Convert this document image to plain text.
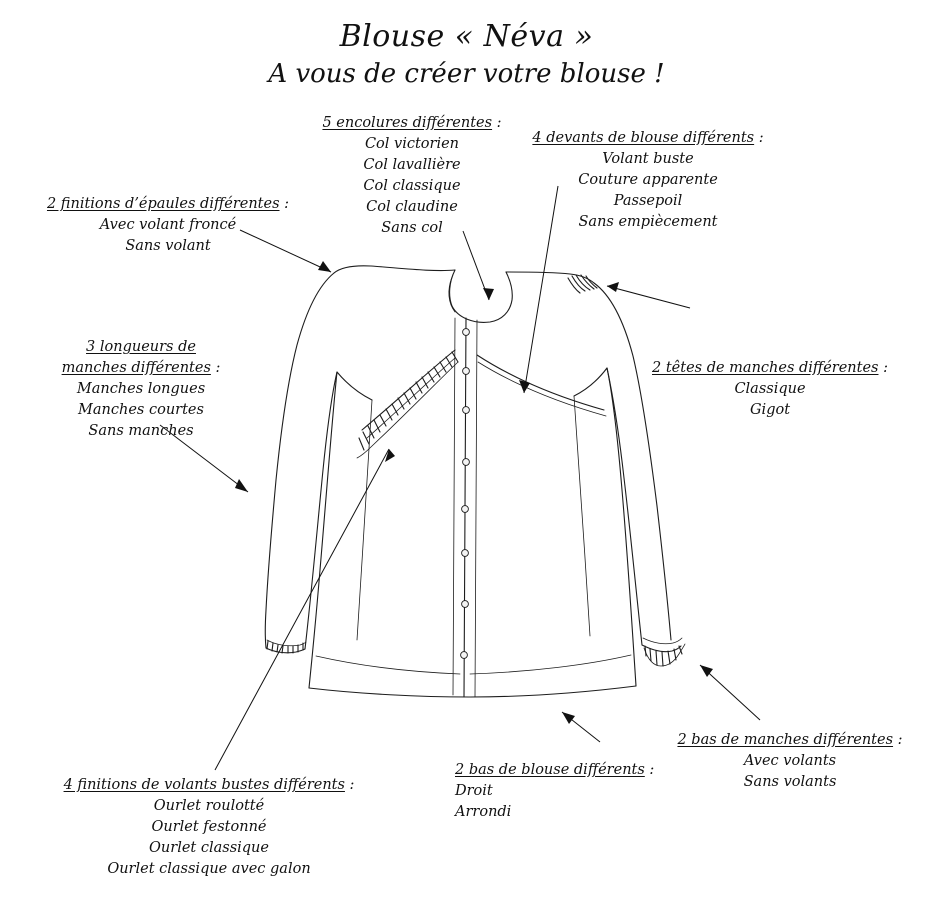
Blouse « Néva »
A vous de créer votre blouse !
5 encolures différentes :
Col victorien
Col lavallière
Col classique
Col claudine
Sans col
4 devants de blouse différents :
Volant buste
Couture apparente
Passepoil
Sans empiècement
2 finitions d’épaules différentes :
Avec volant froncé
Sans volant
3 longueurs de
manches différentes :
Manches longues
Manches courtes
Sans manches
2 têtes de manches différentes :
Classique
Gigot
2 bas de manches différentes :
Avec volants
Sans volants
2 bas de blouse différents :
Droit
Arrondi
4 finitions de volants bustes différents :
Ourlet roulotté
Ourlet festonné
Ourlet classique
Ourlet classique avec galon
